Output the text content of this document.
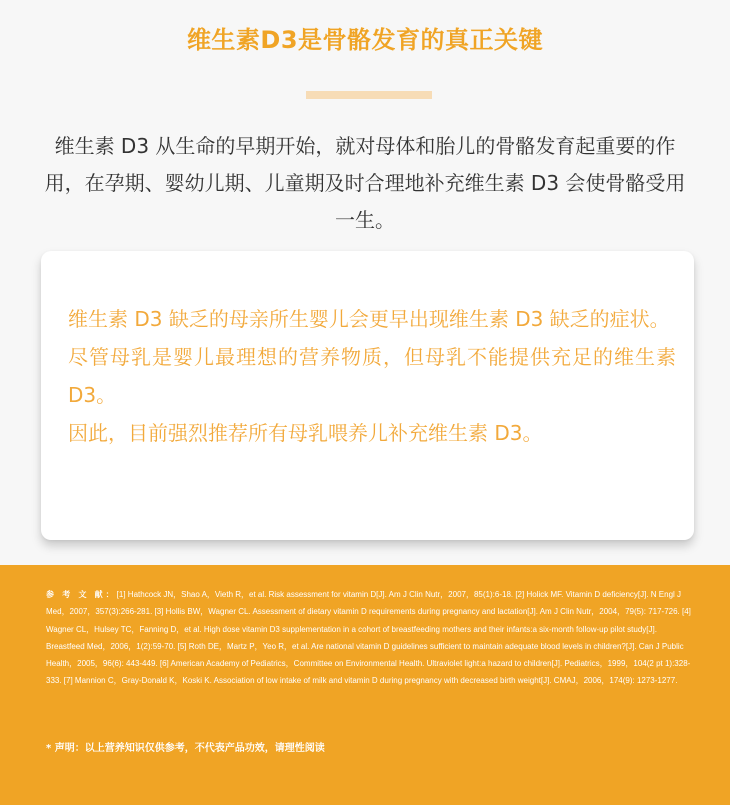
维生素D3是骨骼发育的真正关键

维生素 D3 从生命的早期开始，就对母体和胎儿的骨骼发育起重要的作用，在孕期、婴幼儿期、儿童期及时合理地补充维生素 D3 会使骨骼受用一生。

维生素 D3 缺乏的母亲所生婴儿会更早出现维生素 D3 缺乏的症状。

尽管母乳是婴儿最理想的营养物质，但母乳不能提供充足的维生素 D3。

因此，目前强烈推荐所有母乳喂养儿补充维生素 D3。

参 考 文 献：[1] Hathcock JN，Shao A，Vieth R，et al. Risk assessment for vitamin D[J]. Am J Clin Nutr，2007，85(1):6-18. [2] Holick MF. Vitamin D deficiency[J]. N Engl J Med，2007，357(3):266-281. [3] Hollis BW，Wagner CL. Assessment of dietary vitamin D requirements during pregnancy and lactation[J]. Am J Clin Nutr，2004，79(5): 717-726. [4] Wagner CL，Hulsey TC，Fanning D，et al. High dose vitamin D3 supplementation in a cohort of breastfeeding mothers and their infants:a six-month follow-up pilot study[J]. Breastfeed Med，2006，1(2):59-70. [5] Roth DE，Martz P，Yeo R，et al. Are national vitamin D guidelines sufficient to maintain adequate blood levels in children?[J]. Can J Public Health，2005，96(6): 443-449. [6] American Academy of Pediatrics，Committee on Environmental Health. Ultraviolet light:a hazard to children[J]. Pediatrics，1999，104(2 pt 1):328-333. [7] Mannion C，Gray-Donald K，Koski K. Association of low intake of milk and vitamin D during pregnancy with decreased birth weight[J]. CMAJ，2006，174(9): 1273-1277.
* 声明：以上营养知识仅供参考，不代表产品功效，请理性阅读
